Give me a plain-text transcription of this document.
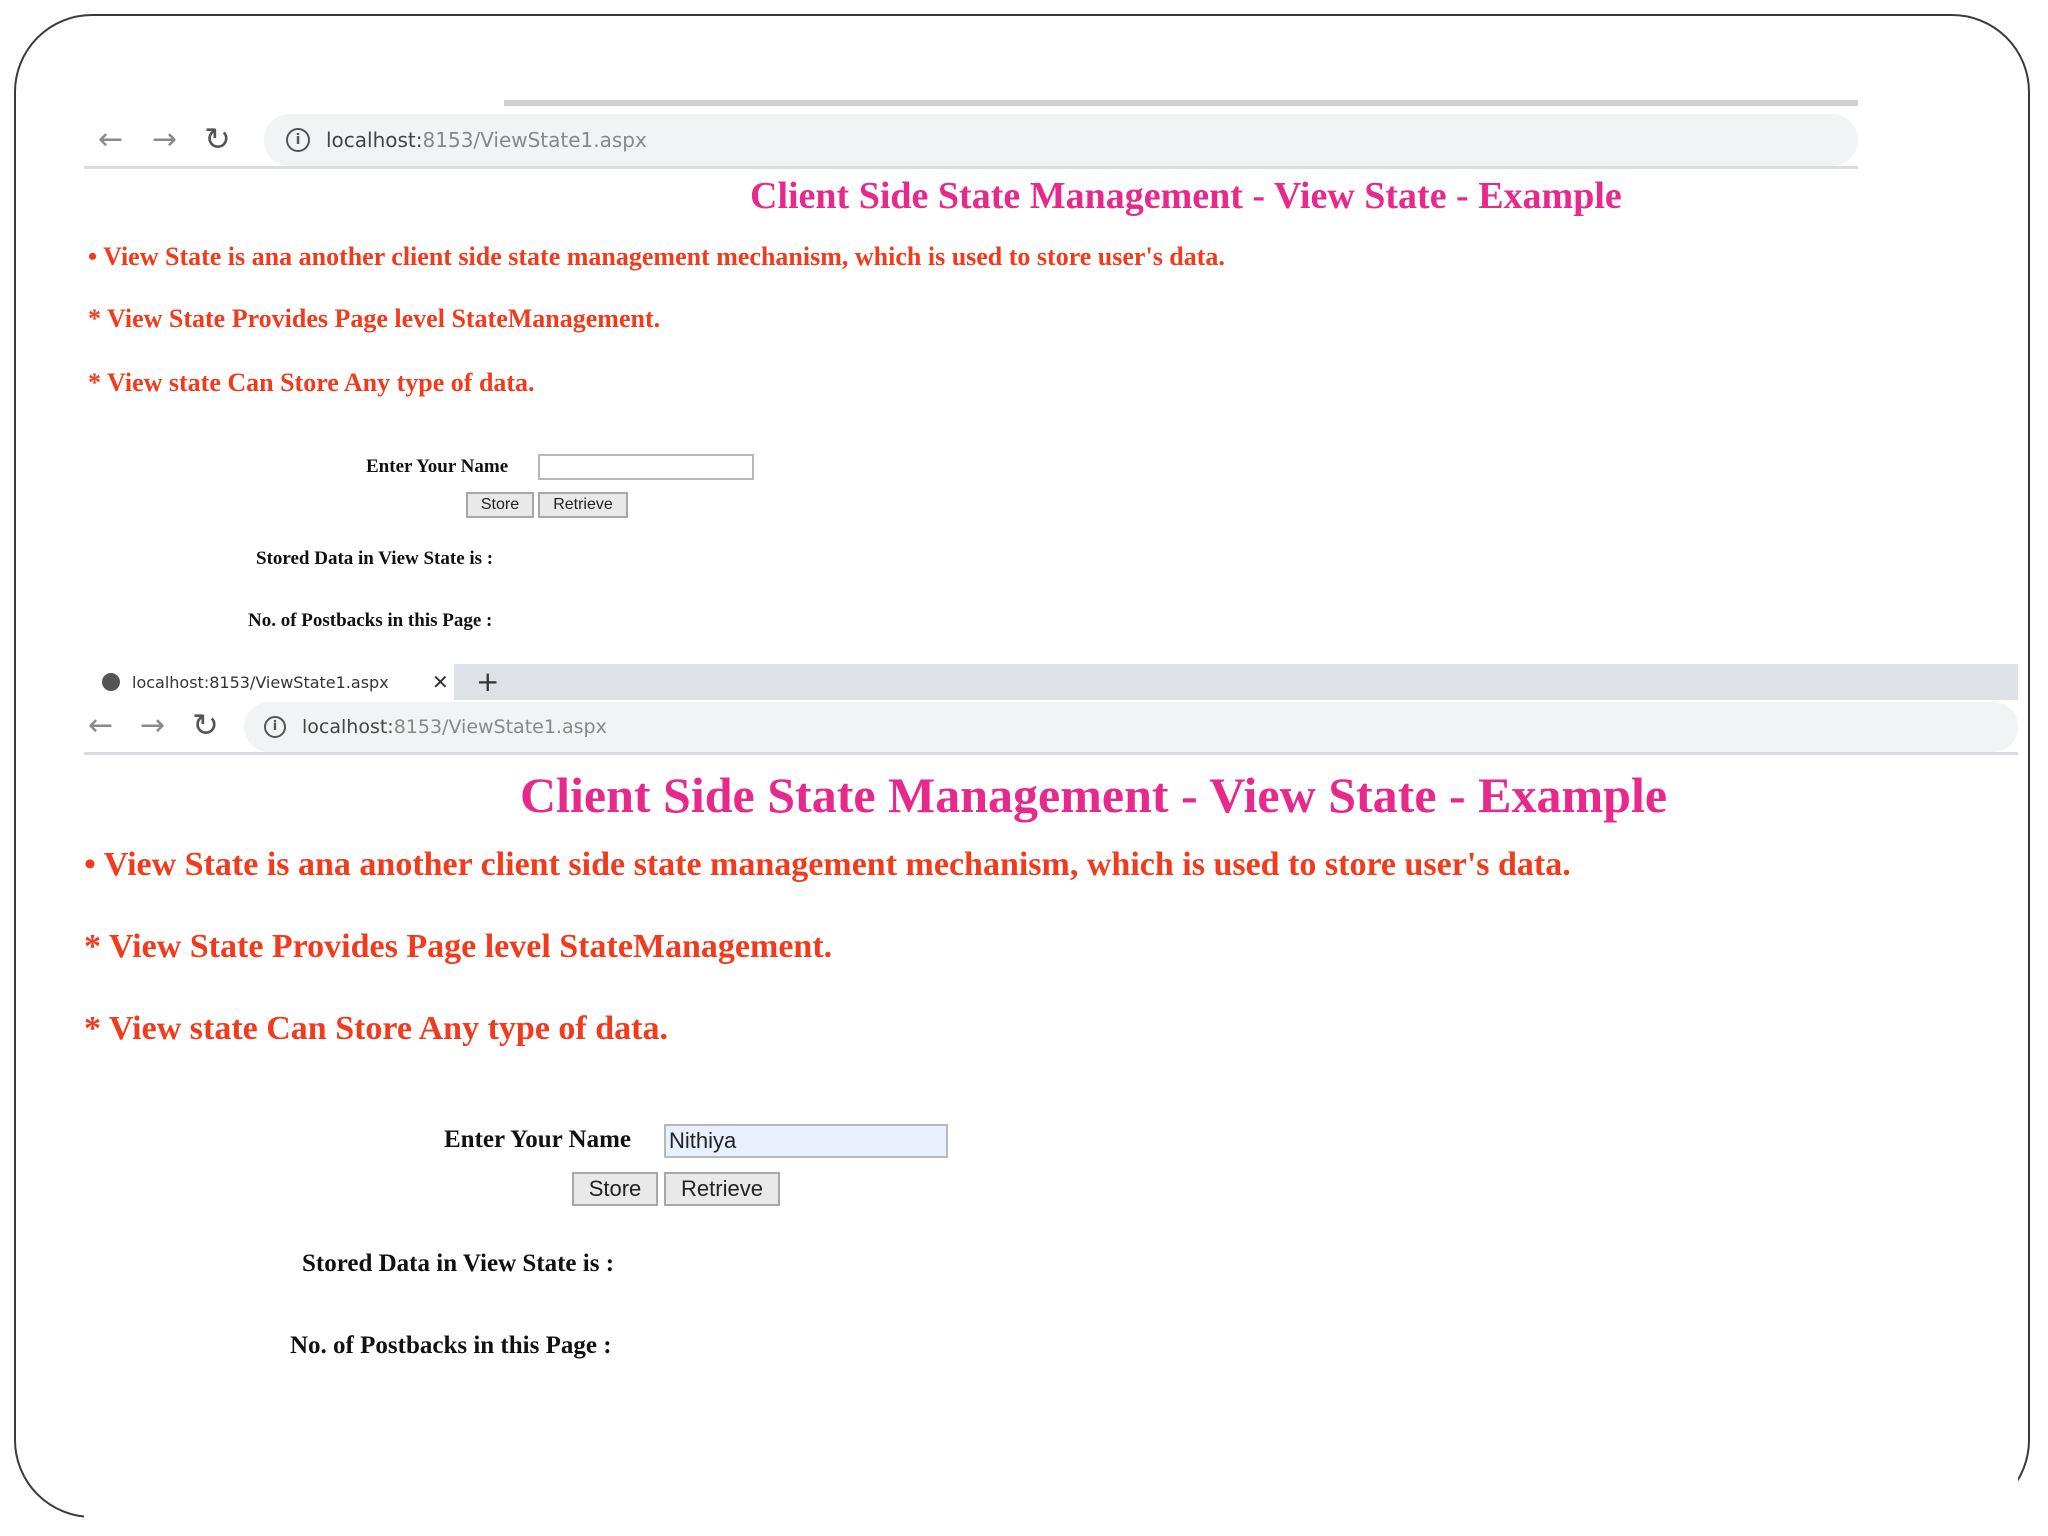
← → ↻	i	localhost:8153/ViewState1.aspx
Client Side State Management - View State - Example
• View State is ana another client side state management mechanism, which is used to store user's data.
* View State Provides Page level StateManagement.
* View state Can Store Any type of data.
Enter Your Name
Store	Retrieve
Stored Data in View State is :
No. of Postbacks in this Page :
localhost:8153/ViewState1.aspx ✕ +
← → ↻	i	localhost:8153/ViewState1.aspx
Client Side State Management - View State - Example
• View State is ana another client side state management mechanism, which is used to store user's data.
* View State Provides Page level StateManagement.
* View state Can Store Any type of data.
Enter Your Name
Nithiya
Store	Retrieve
Stored Data in View State is :
No. of Postbacks in this Page :
